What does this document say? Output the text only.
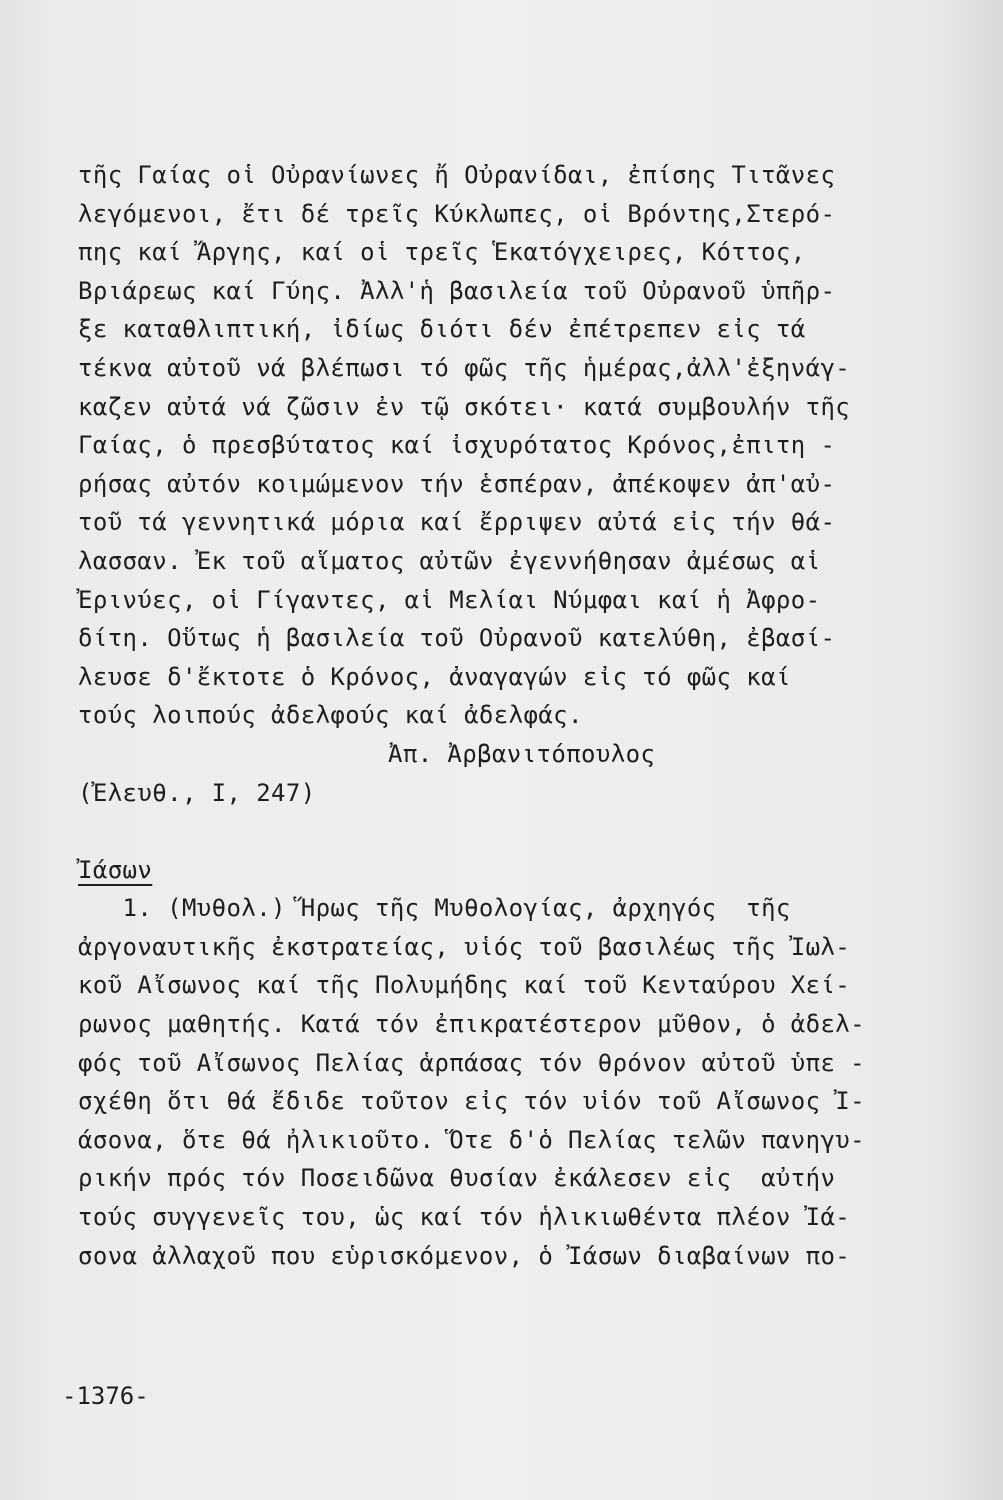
τῆς Γαίας οἱ Οὐρανίωνες ἤ Οὐρανίδαι, ἐπίσης Τιτᾶνες
λεγόμενοι, ἔτι δέ τρεῖς Κύκλωπες, οἱ Βρόντης,Στερό-
πης καί Ἄργης, καί οἱ τρεῖς Ἑκατόγχειρες, Κόττος,
Βριάρεως καί Γύης. Ἀλλ'ἡ βασιλεία τοῦ Οὐρανοῦ ὑπῆρ-
ξε καταθλιπτική, ἰδίως διότι δέν ἐπέτρεπεν εἰς τά
τέκνα αὐτοῦ νά βλέπωσι τό φῶς τῆς ἡμέρας,ἀλλ'ἐξηνάγ-
καζεν αὐτά νά ζῶσιν ἐν τῷ σκότει· κατά συμβουλήν τῆς
Γαίας, ὁ πρεσβύτατος καί ἰσχυρότατος Κρόνος,ἐπιτη -
ρήσας αὐτόν κοιμώμενον τήν ἑσπέραν, ἀπέκοψεν ἀπ'αὐ-
τοῦ τά γεννητικά μόρια καί ἔρριψεν αὐτά εἰς τήν θά-
λασσαν. Ἐκ τοῦ αἵματος αὐτῶν ἐγεννήθησαν ἀμέσως αἱ
Ἐρινύες, οἱ Γίγαντες, αἱ Μελίαι Νύμφαι καί ἡ Ἀφρο-
δίτη. Οὕτως ἡ βασιλεία τοῦ Οὐρανοῦ κατελύθη, ἐβασί-
λευσε δ'ἔκτοτε ὁ Κρόνος, ἀναγαγών εἰς τό φῶς καί
τούς λοιπούς ἀδελφούς καί ἀδελφάς.
Ἀπ. Ἀρβανιτόπουλος
(Ἐλευθ., Ι, 247)
Ἰάσων
1. (Μυθολ.) Ἥρως τῆς Μυθολογίας, ἀρχηγός  τῆς
ἀργοναυτικῆς ἐκστρατείας, υἱός τοῦ βασιλέως τῆς Ἰωλ-
κοῦ Αἴσωνος καί τῆς Πολυμήδης καί τοῦ Κενταύρου Χεί-
ρωνος μαθητής. Κατά τόν ἐπικρατέστερον μῦθον, ὁ ἀδελ-
φός τοῦ Αἴσωνος Πελίας ἁρπάσας τόν θρόνον αὐτοῦ ὑπε -
σχέθη ὅτι θά ἔδιδε τοῦτον εἰς τόν υἱόν τοῦ Αἴσωνος Ἰ-
άσονα, ὅτε θά ἠλικιοῦτο. Ὅτε δ'ὁ Πελίας τελῶν πανηγυ-
ρικήν πρός τόν Ποσειδῶνα θυσίαν ἐκάλεσεν εἰς  αὐτήν
τούς συγγενεῖς του, ὡς καί τόν ἡλικιωθέντα πλέον Ἰά-
σονα ἀλλαχοῦ που εὑρισκόμενον, ὁ Ἰάσων διαβαίνων πο-
-1376-
